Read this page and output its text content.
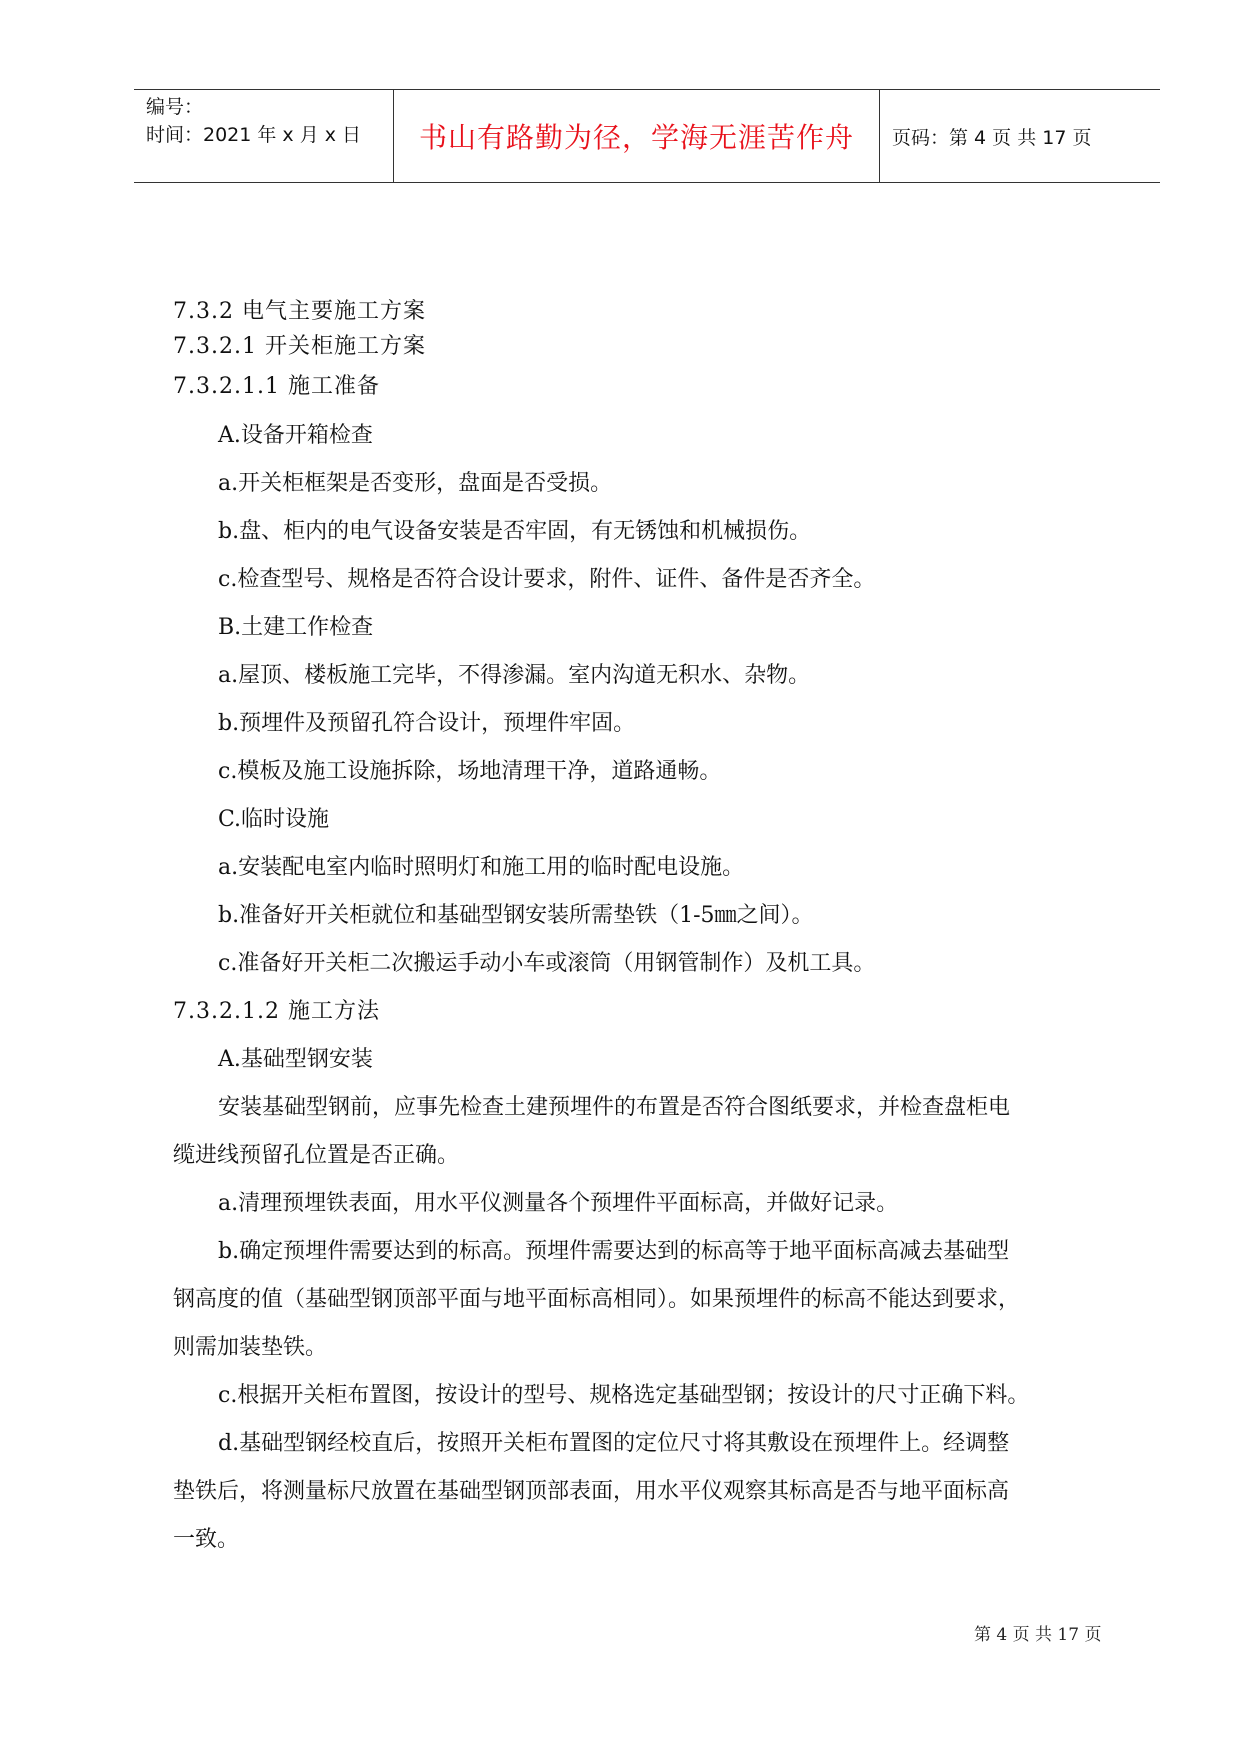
编号：
时间：2021 年 x 月 x 日 书山有路勤为径，学海无涯苦作舟 页码：第 4 页 共 17 页
7.3.2 电气主要施工方案
7.3.2.1 开关柜施工方案
7.3.2.1.1 施工准备
A.设备开箱检查
a.开关柜框架是否变形，盘面是否受损。
b.盘、柜内的电气设备安装是否牢固，有无锈蚀和机械损伤。
c.检查型号、规格是否符合设计要求，附件、证件、备件是否齐全。
B.土建工作检查
a.屋顶、楼板施工完毕，不得渗漏。室内沟道无积水、杂物。
b.预埋件及预留孔符合设计，预埋件牢固。
c.模板及施工设施拆除，场地清理干净，道路通畅。
C.临时设施
a.安装配电室内临时照明灯和施工用的临时配电设施。
b.准备好开关柜就位和基础型钢安装所需垫铁（1-5㎜之间）。
c.准备好开关柜二次搬运手动小车或滚筒（用钢管制作）及机工具。
7.3.2.1.2 施工方法
A.基础型钢安装
安装基础型钢前，应事先检查土建预埋件的布置是否符合图纸要求，并检查盘柜电
缆进线预留孔位置是否正确。
a.清理预埋铁表面，用水平仪测量各个预埋件平面标高，并做好记录。
b.确定预埋件需要达到的标高。预埋件需要达到的标高等于地平面标高减去基础型
钢高度的值（基础型钢顶部平面与地平面标高相同）。如果预埋件的标高不能达到要求，
则需加装垫铁。
c.根据开关柜布置图，按设计的型号、规格选定基础型钢；按设计的尺寸正确下料。
d.基础型钢经校直后，按照开关柜布置图的定位尺寸将其敷设在预埋件上。经调整
垫铁后，将测量标尺放置在基础型钢顶部表面，用水平仪观察其标高是否与地平面标高
一致。
第 4 页 共 17 页
